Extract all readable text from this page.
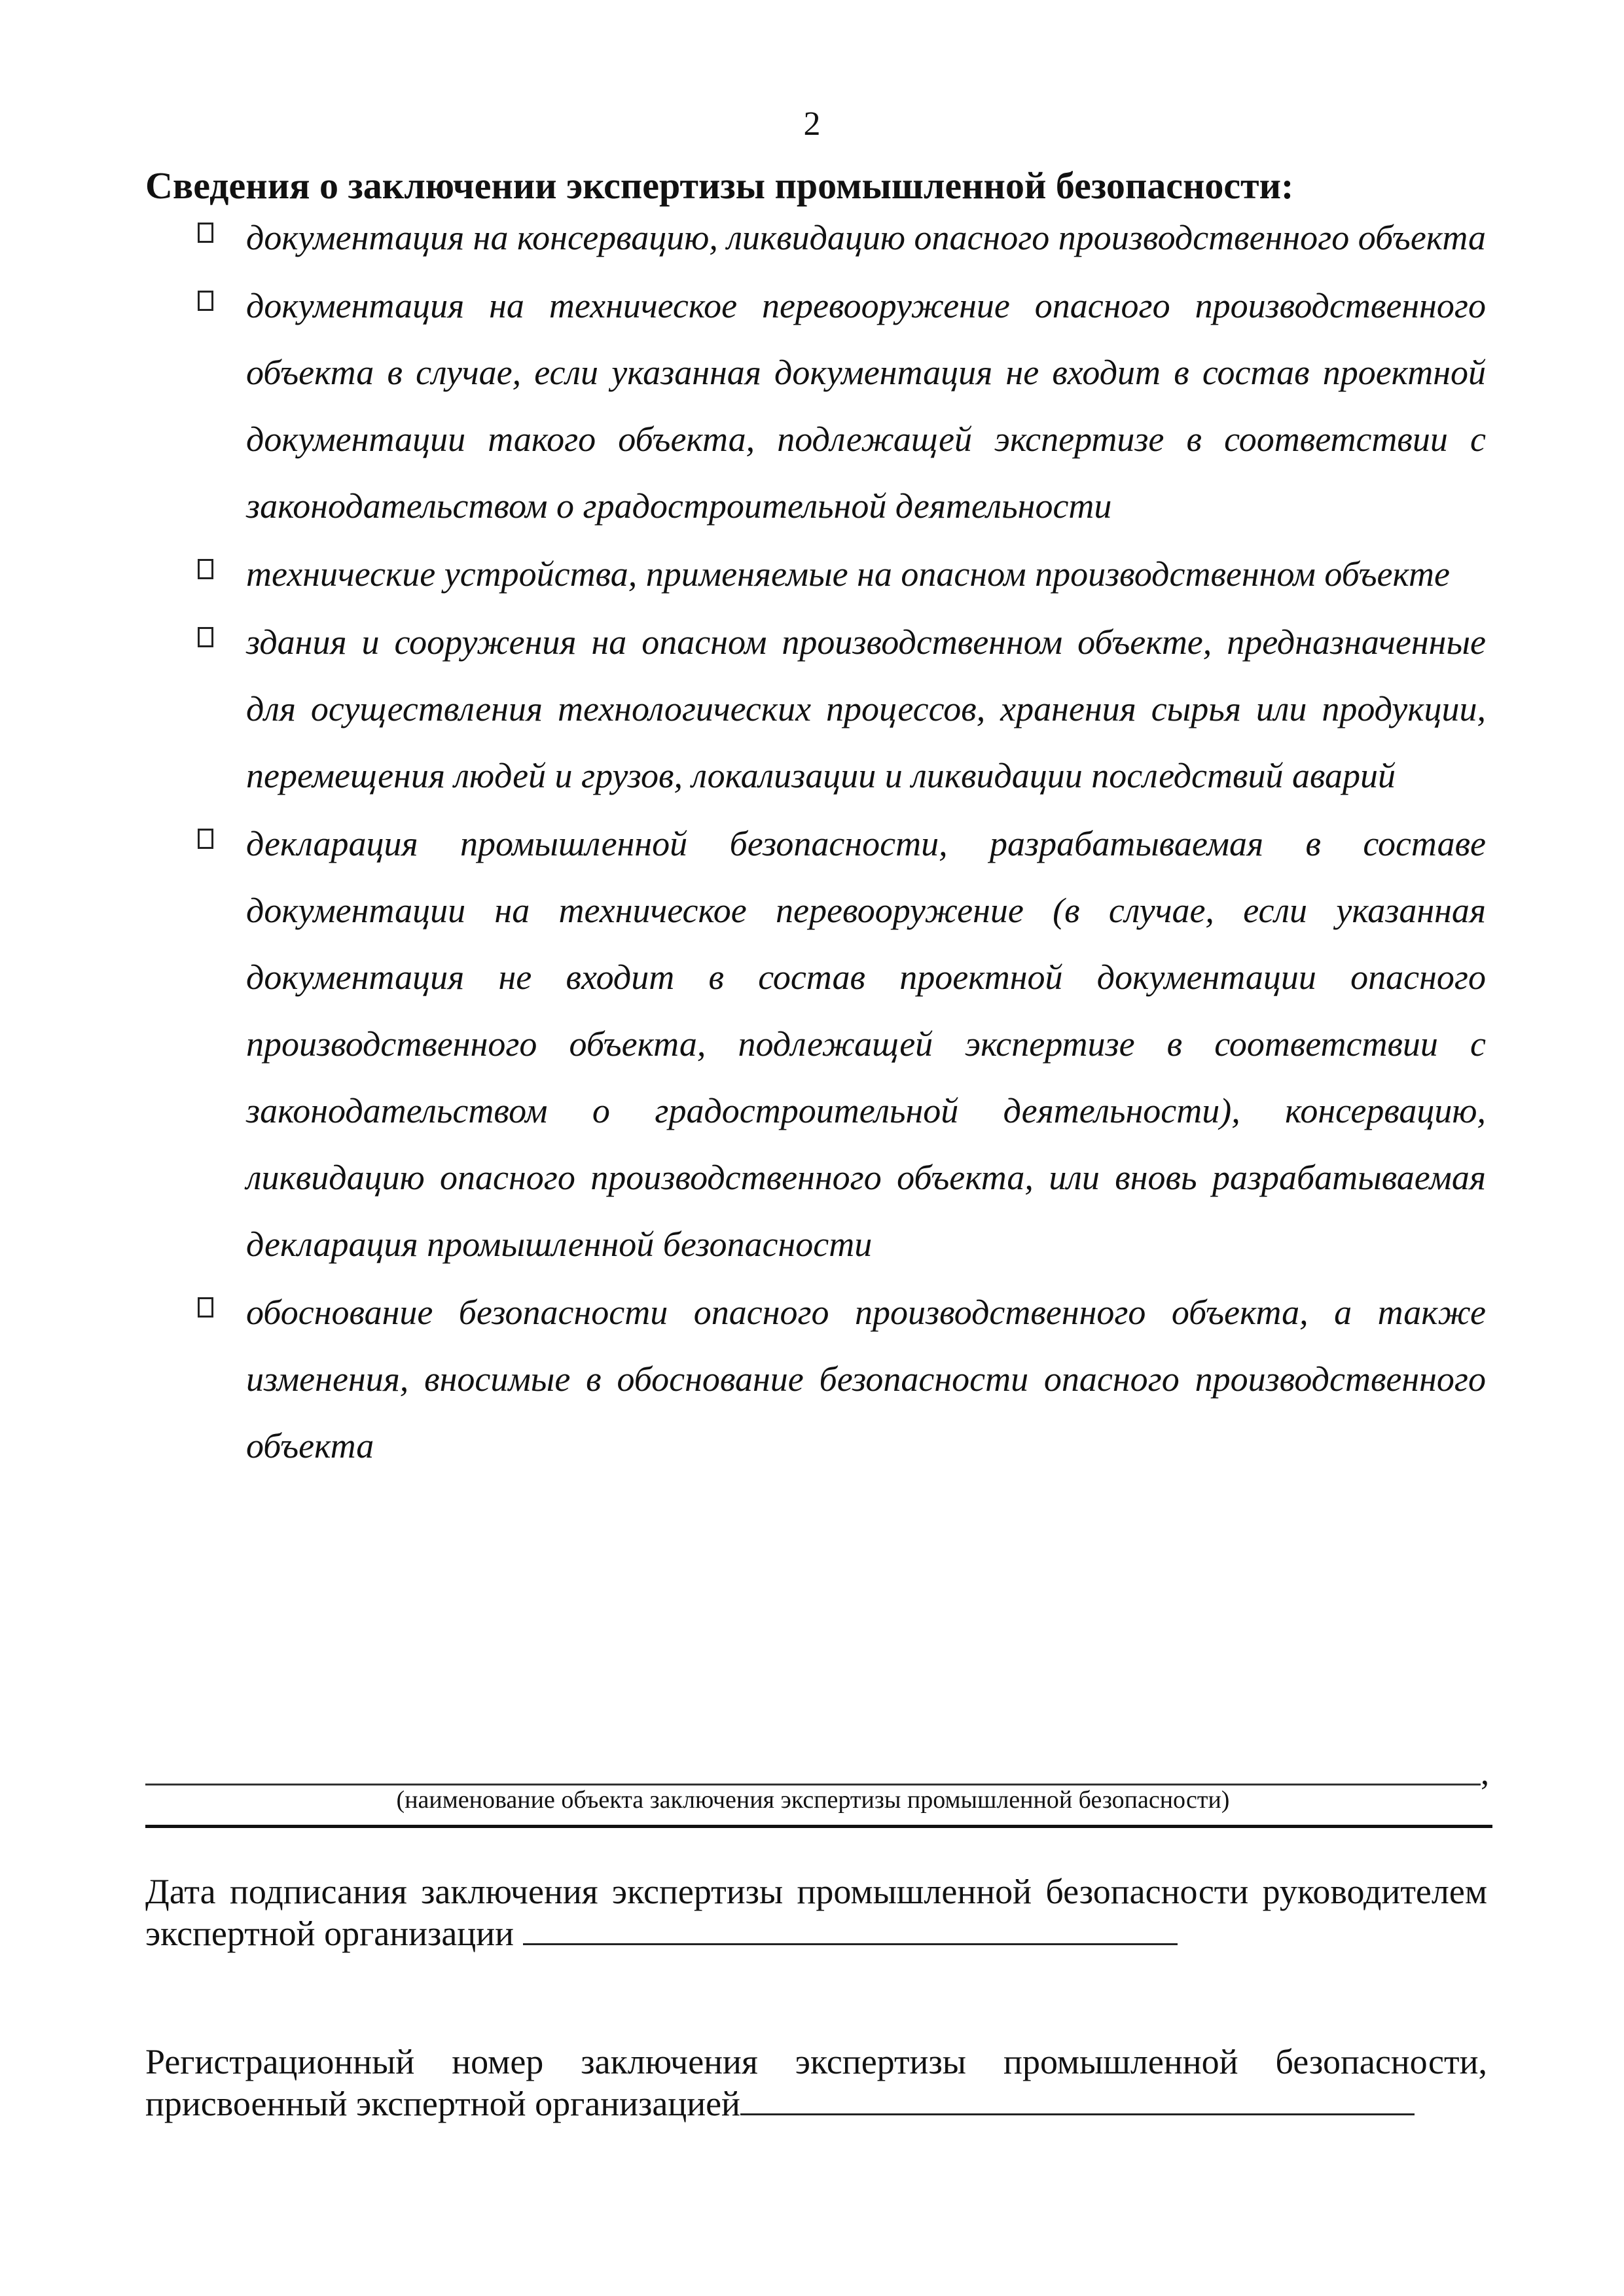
2
Сведения о заключении экспертизы промышленной безопасности:
документация на консервацию, ликвидацию опасного производственного объекта
документация на техническое перевооружение опасного производственного объекта в случае, если указанная документация не входит в состав проектной документации такого объекта, подлежащей экспертизе в соответствии с законодательством о градостроительной деятельности
технические устройства, применяемые на опасном производственном объекте
здания и сооружения на опасном производственном объекте, предназначенные для осуществления технологических процессов, хранения сырья или продукции, перемещения людей и грузов, локализации и ликвидации последствий аварий
декларация промышленной безопасности, разрабатываемая в составе документации на техническое перевооружение (в случае, если указанная документация не входит в состав проектной документации опасного производственного объекта, подлежащей экспертизе в соответствии с законодательством о градостроительной деятельности), консервацию, ликвидацию опасного производственного объекта, или вновь разрабатываемая декларация промышленной безопасности
обоснование безопасности опасного производственного объекта, а также изменения, вносимые в обоснование безопасности опасного производственного объекта
,
(наименование объекта заключения экспертизы промышленной безопасности)
Дата подписания заключения экспертизы промышленной безопасности руководителем экспертной организации
Регистрационный номер заключения экспертизы промышленной безопасности, присвоенный экспертной организацией
